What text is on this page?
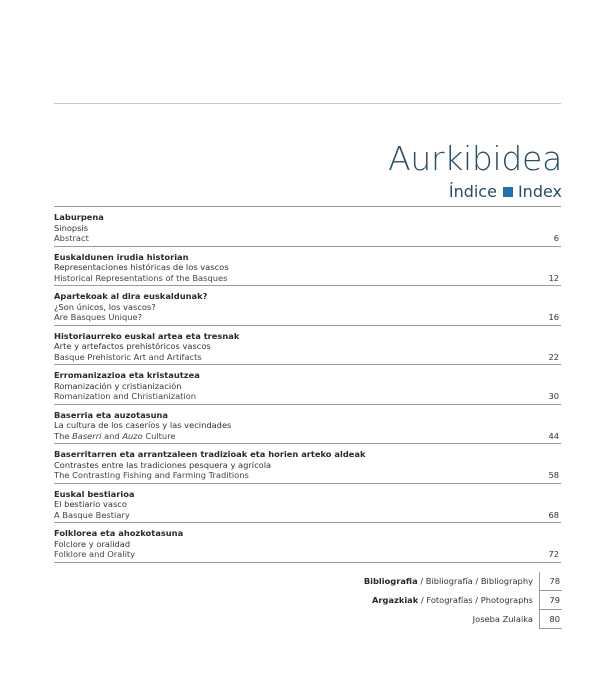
Aurkibidea
Índice Index
Laburpena
Sinopsis
Abstract	6
Euskaldunen irudia historian
Representaciones históricas de los vascos
Historical Representations of the Basques	12
Apartekoak al dira euskaldunak?
¿Son únicos, los vascos?
Are Basques Unique?	16
Historiaurreko euskal artea eta tresnak
Arte y artefactos prehistóricos vascos
Basque Prehistoric Art and Artifacts	22
Erromanizazioa eta kristautzea
Romanización y cristianización
Romanization and Christianization	30
Baserria eta auzotasuna
La cultura de los caseríos y las vecindades
The Baserri and Auzo Culture	44
Baserritarren eta arrantzaleen tradizioak eta horien arteko aldeak
Contrastes entre las tradiciones pesquera y agrícola
The Contrasting Fishing and Farming Traditions	58
Euskal bestiarioa
El bestiario vasco
A Basque Bestiary	68
Folklorea eta ahozkotasuna
Folclore y oralidad
Folklore and Orality	72
Bibliografia / Bibliografía / Bibliography	78
Argazkiak / Fotografías / Photographs	79
Joseba Zulaika	80
